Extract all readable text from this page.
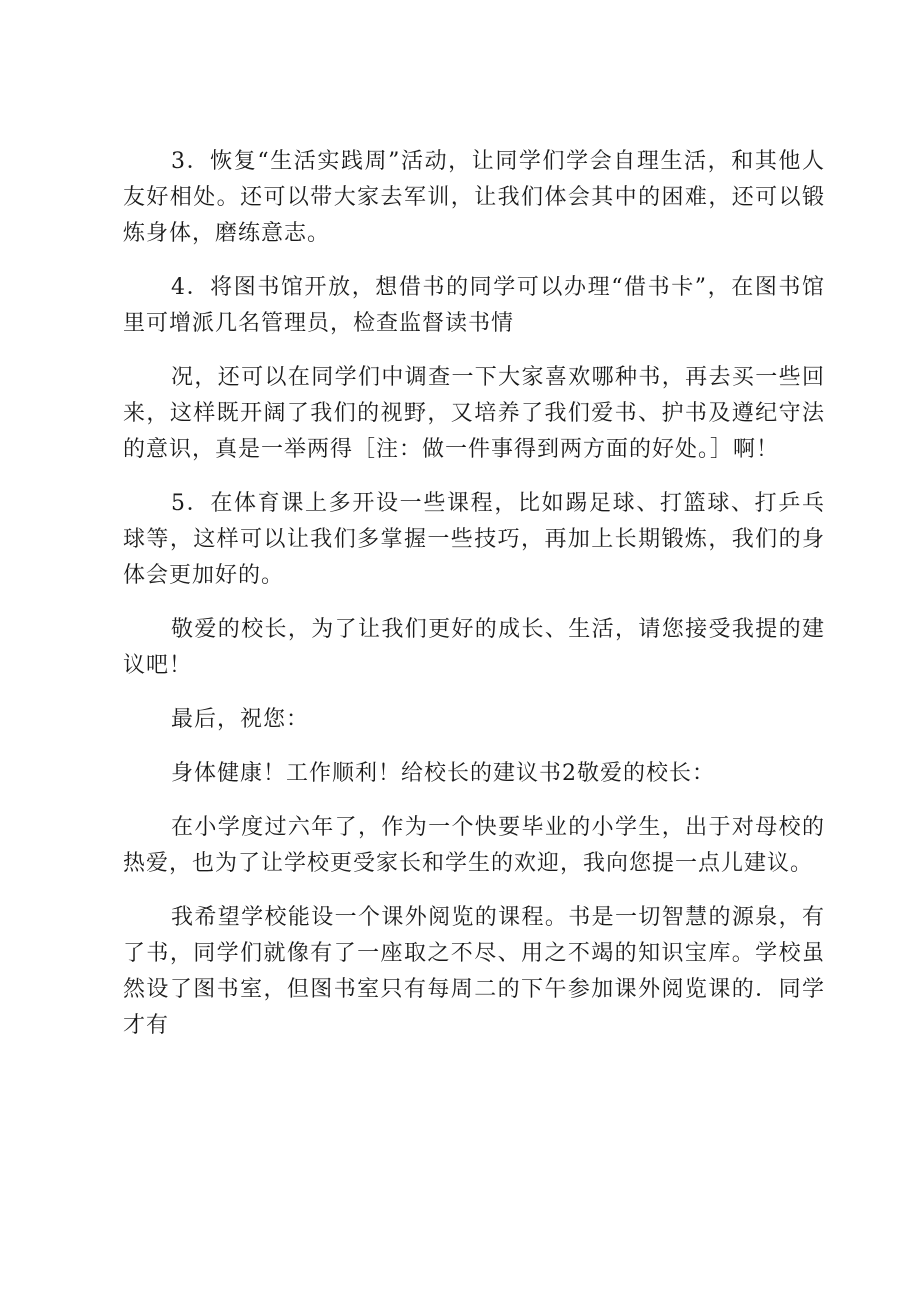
3．恢复“生活实践周”活动，让同学们学会自理生活，和其他人友好相处。还可以带大家去军训，让我们体会其中的困难，还可以锻炼身体，磨练意志。

4．将图书馆开放，想借书的同学可以办理“借书卡”，在图书馆里可增派几名管理员，检查监督读书情

况，还可以在同学们中调查一下大家喜欢哪种书，再去买一些回来，这样既开阔了我们的视野，又培养了我们爱书、护书及遵纪守法的意识，真是一举两得［注：做一件事得到两方面的好处。］啊！

5．在体育课上多开设一些课程，比如踢足球、打篮球、打乒乓球等，这样可以让我们多掌握一些技巧，再加上长期锻炼，我们的身体会更加好的。

敬爱的校长，为了让我们更好的成长、生活，请您接受我提的建议吧！

最后，祝您：

身体健康！工作顺利！给校长的建议书2敬爱的校长：

在小学度过六年了，作为一个快要毕业的小学生，出于对母校的热爱，也为了让学校更受家长和学生的欢迎，我向您提一点儿建议。

我希望学校能设一个课外阅览的课程。书是一切智慧的源泉，有了书，同学们就像有了一座取之不尽、用之不竭的知识宝库。学校虽然设了图书室，但图书室只有每周二的下午参加课外阅览课的．同学才有
